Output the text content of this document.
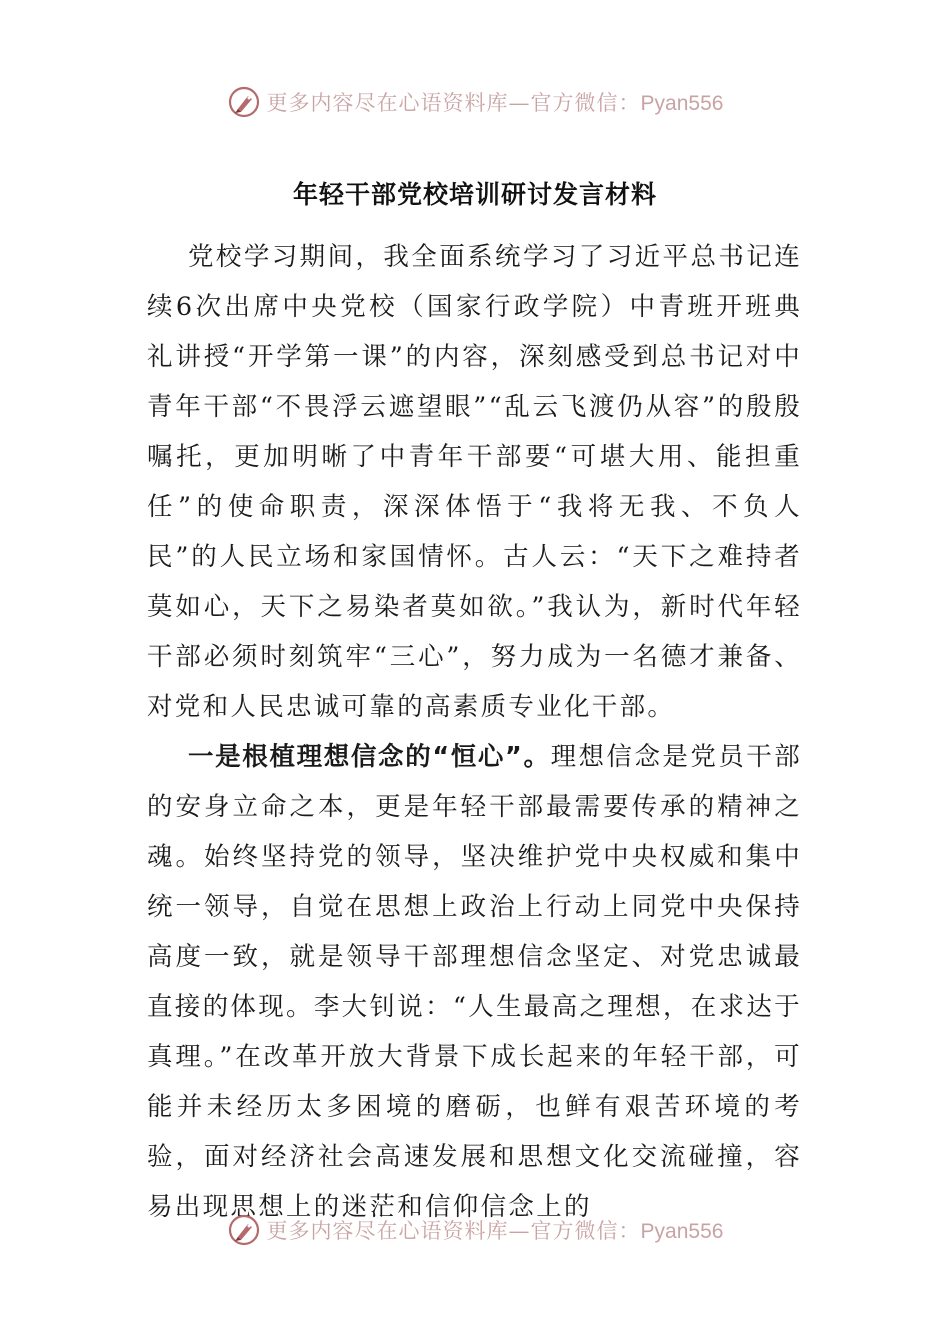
更多内容尽在心语资料库—官方微信：Pyan556
年轻干部党校培训研讨发言材料

党校学习期间，我全面系统学习了习近平总书记连续6次出席中央党校（国家行政学院）中青班开班典礼讲授“开学第一课”的内容，深刻感受到总书记对中青年干部“不畏浮云遮望眼”“乱云飞渡仍从容”的殷殷嘱托，更加明晰了中青年干部要“可堪大用、能担重任”的使命职责，深深体悟于“我将无我、不负人民”的人民立场和家国情怀。古人云：“天下之难持者莫如心，天下之易染者莫如欲。”我认为，新时代年轻干部必须时刻筑牢“三心”，努力成为一名德才兼备、对党和人民忠诚可靠的高素质专业化干部。

一是根植理想信念的“恒心”。理想信念是党员干部的安身立命之本，更是年轻干部最需要传承的精神之魂。始终坚持党的领导，坚决维护党中央权威和集中统一领导，自觉在思想上政治上行动上同党中央保持高度一致，就是领导干部理想信念坚定、对党忠诚最直接的体现。李大钊说：“人生最高之理想，在求达于真理。”在改革开放大背景下成长起来的年轻干部，可能并未经历太多困境的磨砺，也鲜有艰苦环境的考验，面对经济社会高速发展和思想文化交流碰撞，容易出现思想上的迷茫和信仰信念上的

更多内容尽在心语资料库—官方微信：Pyan556
